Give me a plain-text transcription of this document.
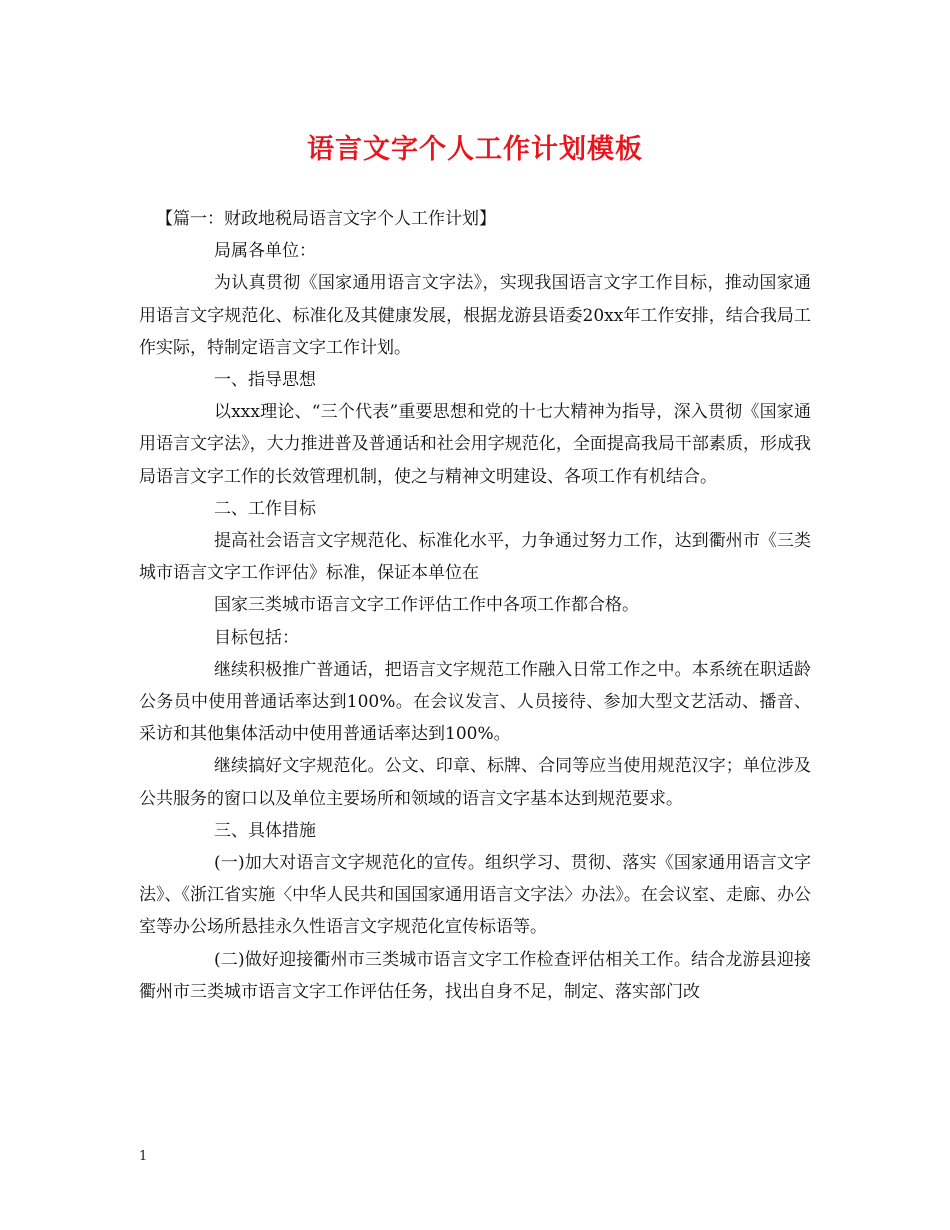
语言文字个人工作计划模板

【篇一：财政地税局语言文字个人工作计划】

局属各单位：

为认真贯彻《国家通用语言文字法》，实现我国语言文字工作目标，推动国家通用语言文字规范化、标准化及其健康发展，根据龙游县语委20xx年工作安排，结合我局工作实际，特制定语言文字工作计划。

一、指导思想

以xxx理论、“三个代表”重要思想和党的十七大精神为指导，深入贯彻《国家通用语言文字法》，大力推进普及普通话和社会用字规范化，全面提高我局干部素质，形成我局语言文字工作的长效管理机制，使之与精神文明建设、各项工作有机结合。

二、工作目标

提高社会语言文字规范化、标准化水平，力争通过努力工作，达到衢州市《三类城市语言文字工作评估》标准，保证本单位在

国家三类城市语言文字工作评估工作中各项工作都合格。

目标包括：

继续积极推广普通话，把语言文字规范工作融入日常工作之中。本系统在职适龄公务员中使用普通话率达到100%。在会议发言、人员接待、参加大型文艺活动、播音、采访和其他集体活动中使用普通话率达到100%。

继续搞好文字规范化。公文、印章、标牌、合同等应当使用规范汉字；单位涉及公共服务的窗口以及单位主要场所和领域的语言文字基本达到规范要求。

三、具体措施

(一)加大对语言文字规范化的宣传。组织学习、贯彻、落实《国家通用语言文字法》、《浙江省实施〈中华人民共和国国家通用语言文字法〉办法》。在会议室、走廊、办公室等办公场所悬挂永久性语言文字规范化宣传标语等。

(二)做好迎接衢州市三类城市语言文字工作检查评估相关工作。结合龙游县迎接衢州市三类城市语言文字工作评估任务，找出自身不足，制定、落实部门改

1
